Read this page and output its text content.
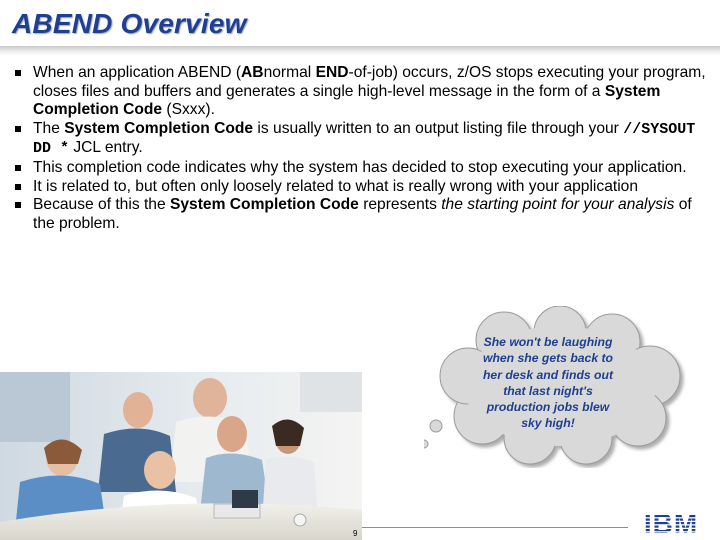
ABEND Overview
When an application ABEND (ABnormal END-of-job) occurs, z/OS stops executing your program, closes files and buffers and generates a single high-level message in the form of a System Completion Code (Sxxx).
The System Completion Code is usually written to an output listing file through your //SYSOUT DD * JCL entry.
This completion code indicates why the system has decided to stop executing your application.
It is related to, but often only loosely related to what is really wrong with your application
Because of this the System Completion Code represents the starting point for your analysis of the problem.
She won't be laughing
when she gets back to
her desk and finds out
that last night's
production jobs blew
sky high!
9	IBM
